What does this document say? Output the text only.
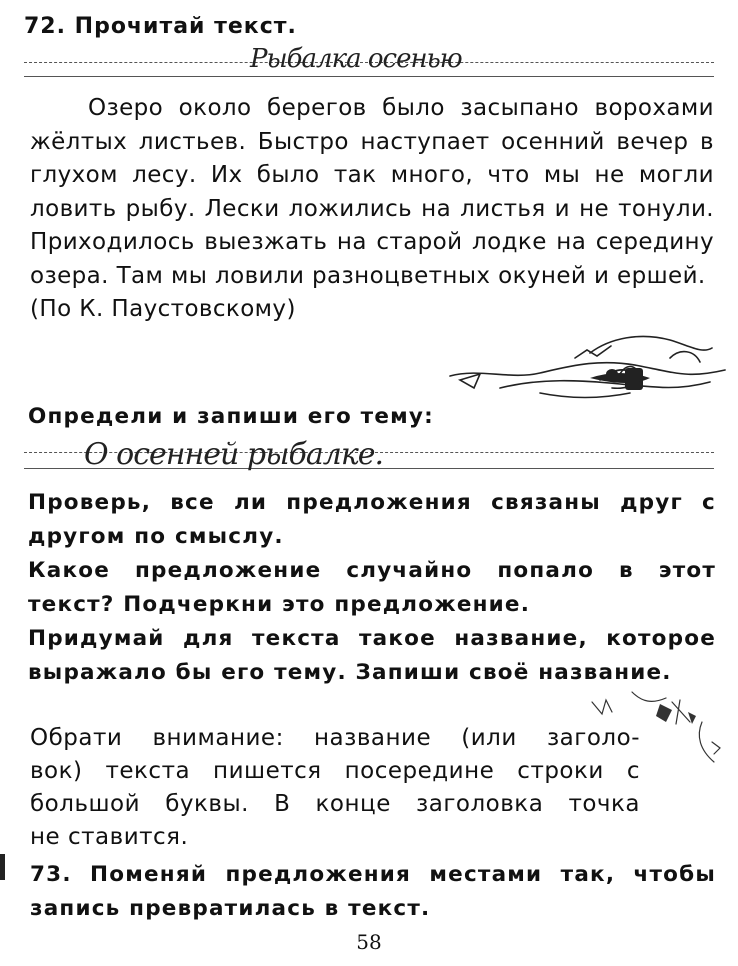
72. Прочитай текст.
Рыбалка осенью

Озеро около берегов было засыпано ворохами жёлтых листьев. Быстро наступает осенний вечер в глухом лесу. Их было так много, что мы не могли ловить рыбу. Лески ложились на листья и не тонули. Приходилось выезжать на старой лодке на середину озера. Там мы ловили разноцветных окуней и ершей.

(По К. Паустовскому)

Определи и запиши его тему:
О осенней рыбалке.
Проверь, все ли предложения связаны друг с
другом по смыслу.
Какое предложение случайно попало в этот
текст? Подчеркни это предложение.
Придумай для текста такое название, которое
выражало бы его тему. Запиши своё название.
Обрати внимание: название (или заголо-
вок) текста пишется посередине строки с
большой буквы. В конце заголовка точка
не ставится.
73. Поменяй предложения местами так, чтобы
запись превратилась в текст.
58
